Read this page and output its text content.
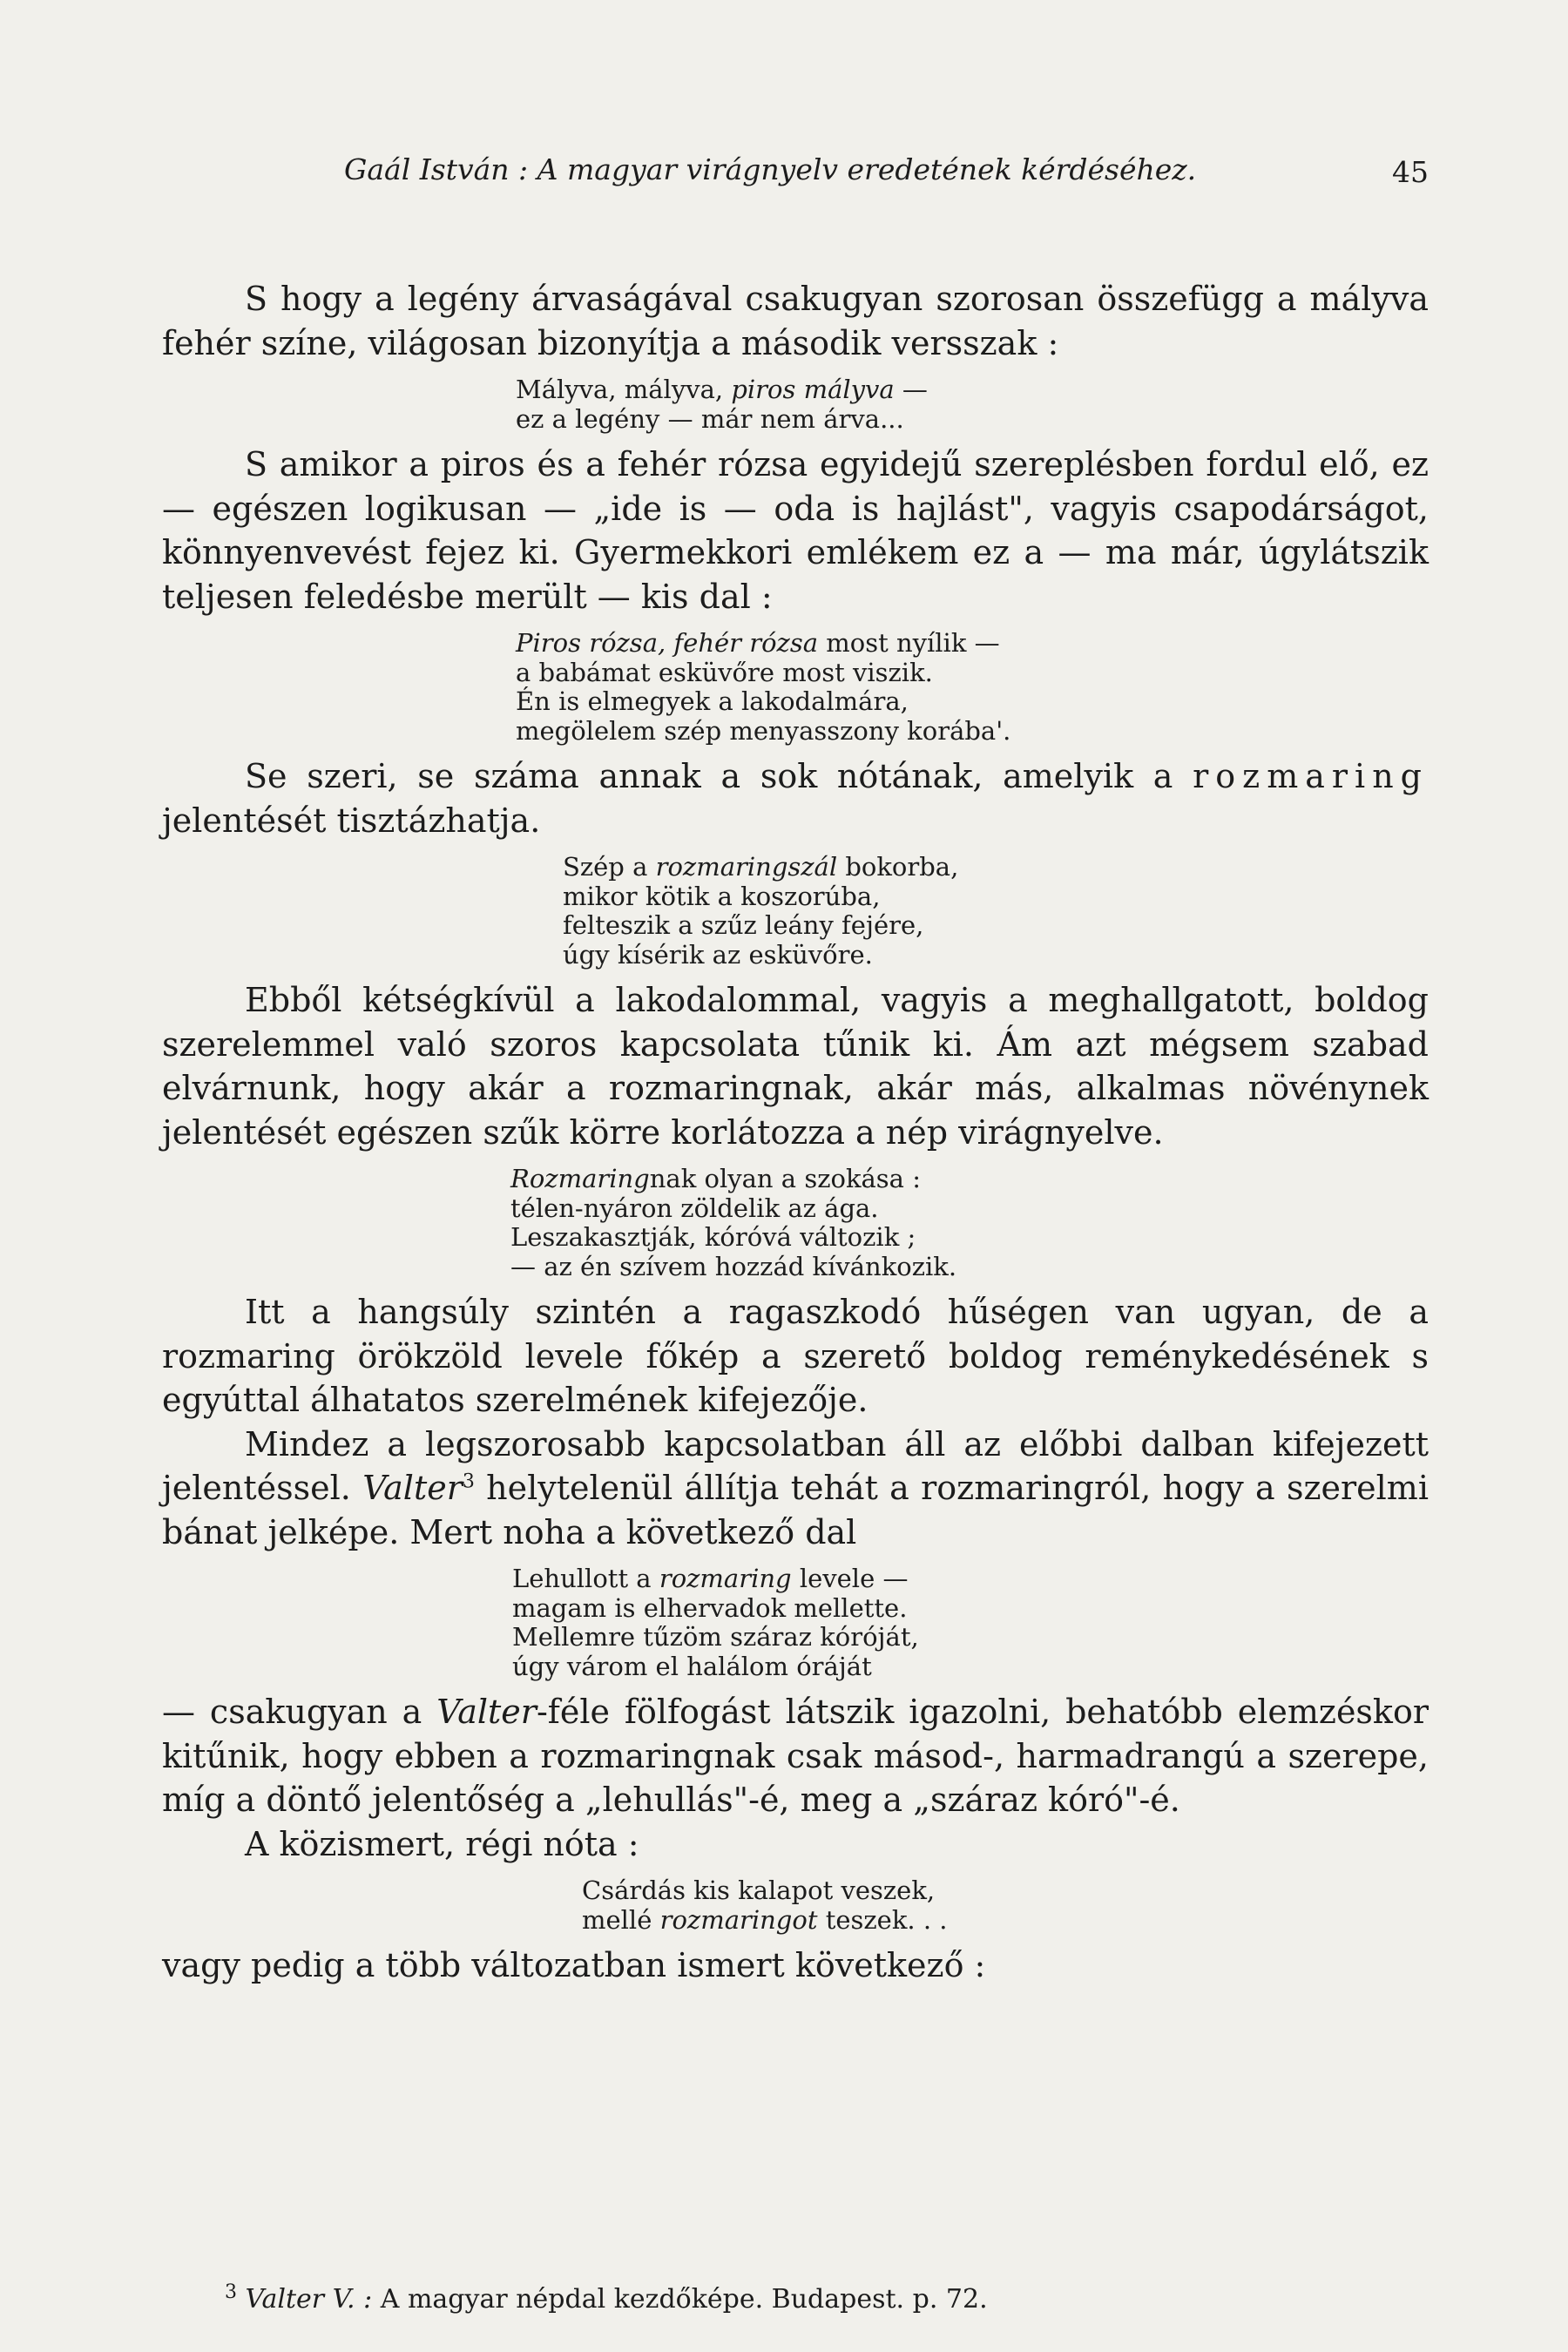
Gaál István : A magyar virágnyelv eredetének kérdéséhez.	45

S hogy a legény árvaságával csakugyan szorosan összefügg a mályva fehér színe, világosan bizonyítja a második versszak :

Mályva, mályva, piros mályva —
ez a legény — már nem árva...

S amikor a piros és a fehér rózsa egyidejű szereplésben fordul elő, ez — egészen logikusan — „ide is — oda is hajlást", vagyis csapodárságot, könnyenvevést fejez ki. Gyermekkori emlékem ez a — ma már, úgylátszik teljesen feledésbe merült — kis dal :

Piros rózsa, fehér rózsa most nyílik —
a babámat esküvőre most viszik.
Én is elmegyek a lakodalmára,
megölelem szép menyasszony korába'.

Se szeri, se száma annak a sok nótának, amelyik a rozmaring jelentését tisztázhatja.

Szép a rozmaringszál bokorba,
mikor kötik a koszorúba,
felteszik a szűz leány fejére,
úgy kísérik az esküvőre.

Ebből kétségkívül a lakodalommal, vagyis a meghallgatott, boldog szerelemmel való szoros kapcsolata tűnik ki. Ám azt mégsem szabad elvárnunk, hogy akár a rozmaringnak, akár más, alkalmas növénynek jelentését egészen szűk körre korlátozza a nép virágnyelve.

Rozmaringnak olyan a szokása :
télen-nyáron zöldelik az ága.
Leszakasztják, kóróvá változik ;
— az én szívem hozzád kívánkozik.

Itt a hangsúly szintén a ragaszkodó hűségen van ugyan, de a rozmaring örökzöld levele főkép a szerető boldog reménykedésének s egyúttal álhatatos szerelmének kifejezője.

Mindez a legszorosabb kapcsolatban áll az előbbi dalban kifejezett jelentéssel. Valter$^3$ helytelenül állítja tehát a rozmaringról, hogy a szerelmi bánat jelképe. Mert noha a következő dal

Lehullott a rozmaring levele —
magam is elhervadok mellette.
Mellemre tűzöm száraz kóróját,
úgy várom el halálom óráját

— csakugyan a Valter-féle fölfogást látszik igazolni, behatóbb elemzéskor kitűnik, hogy ebben a rozmaringnak csak másod-, harmadrangú a szerepe, míg a döntő jelentőség a „lehullás"-é, meg a „száraz kóró"-é.

A közismert, régi nóta :

Csárdás kis kalapot veszek,
mellé rozmaringot teszek. . .

vagy pedig a több változatban ismert következő :

$^3$ Valter V. : A magyar népdal kezdőképe. Budapest. p. 72.
